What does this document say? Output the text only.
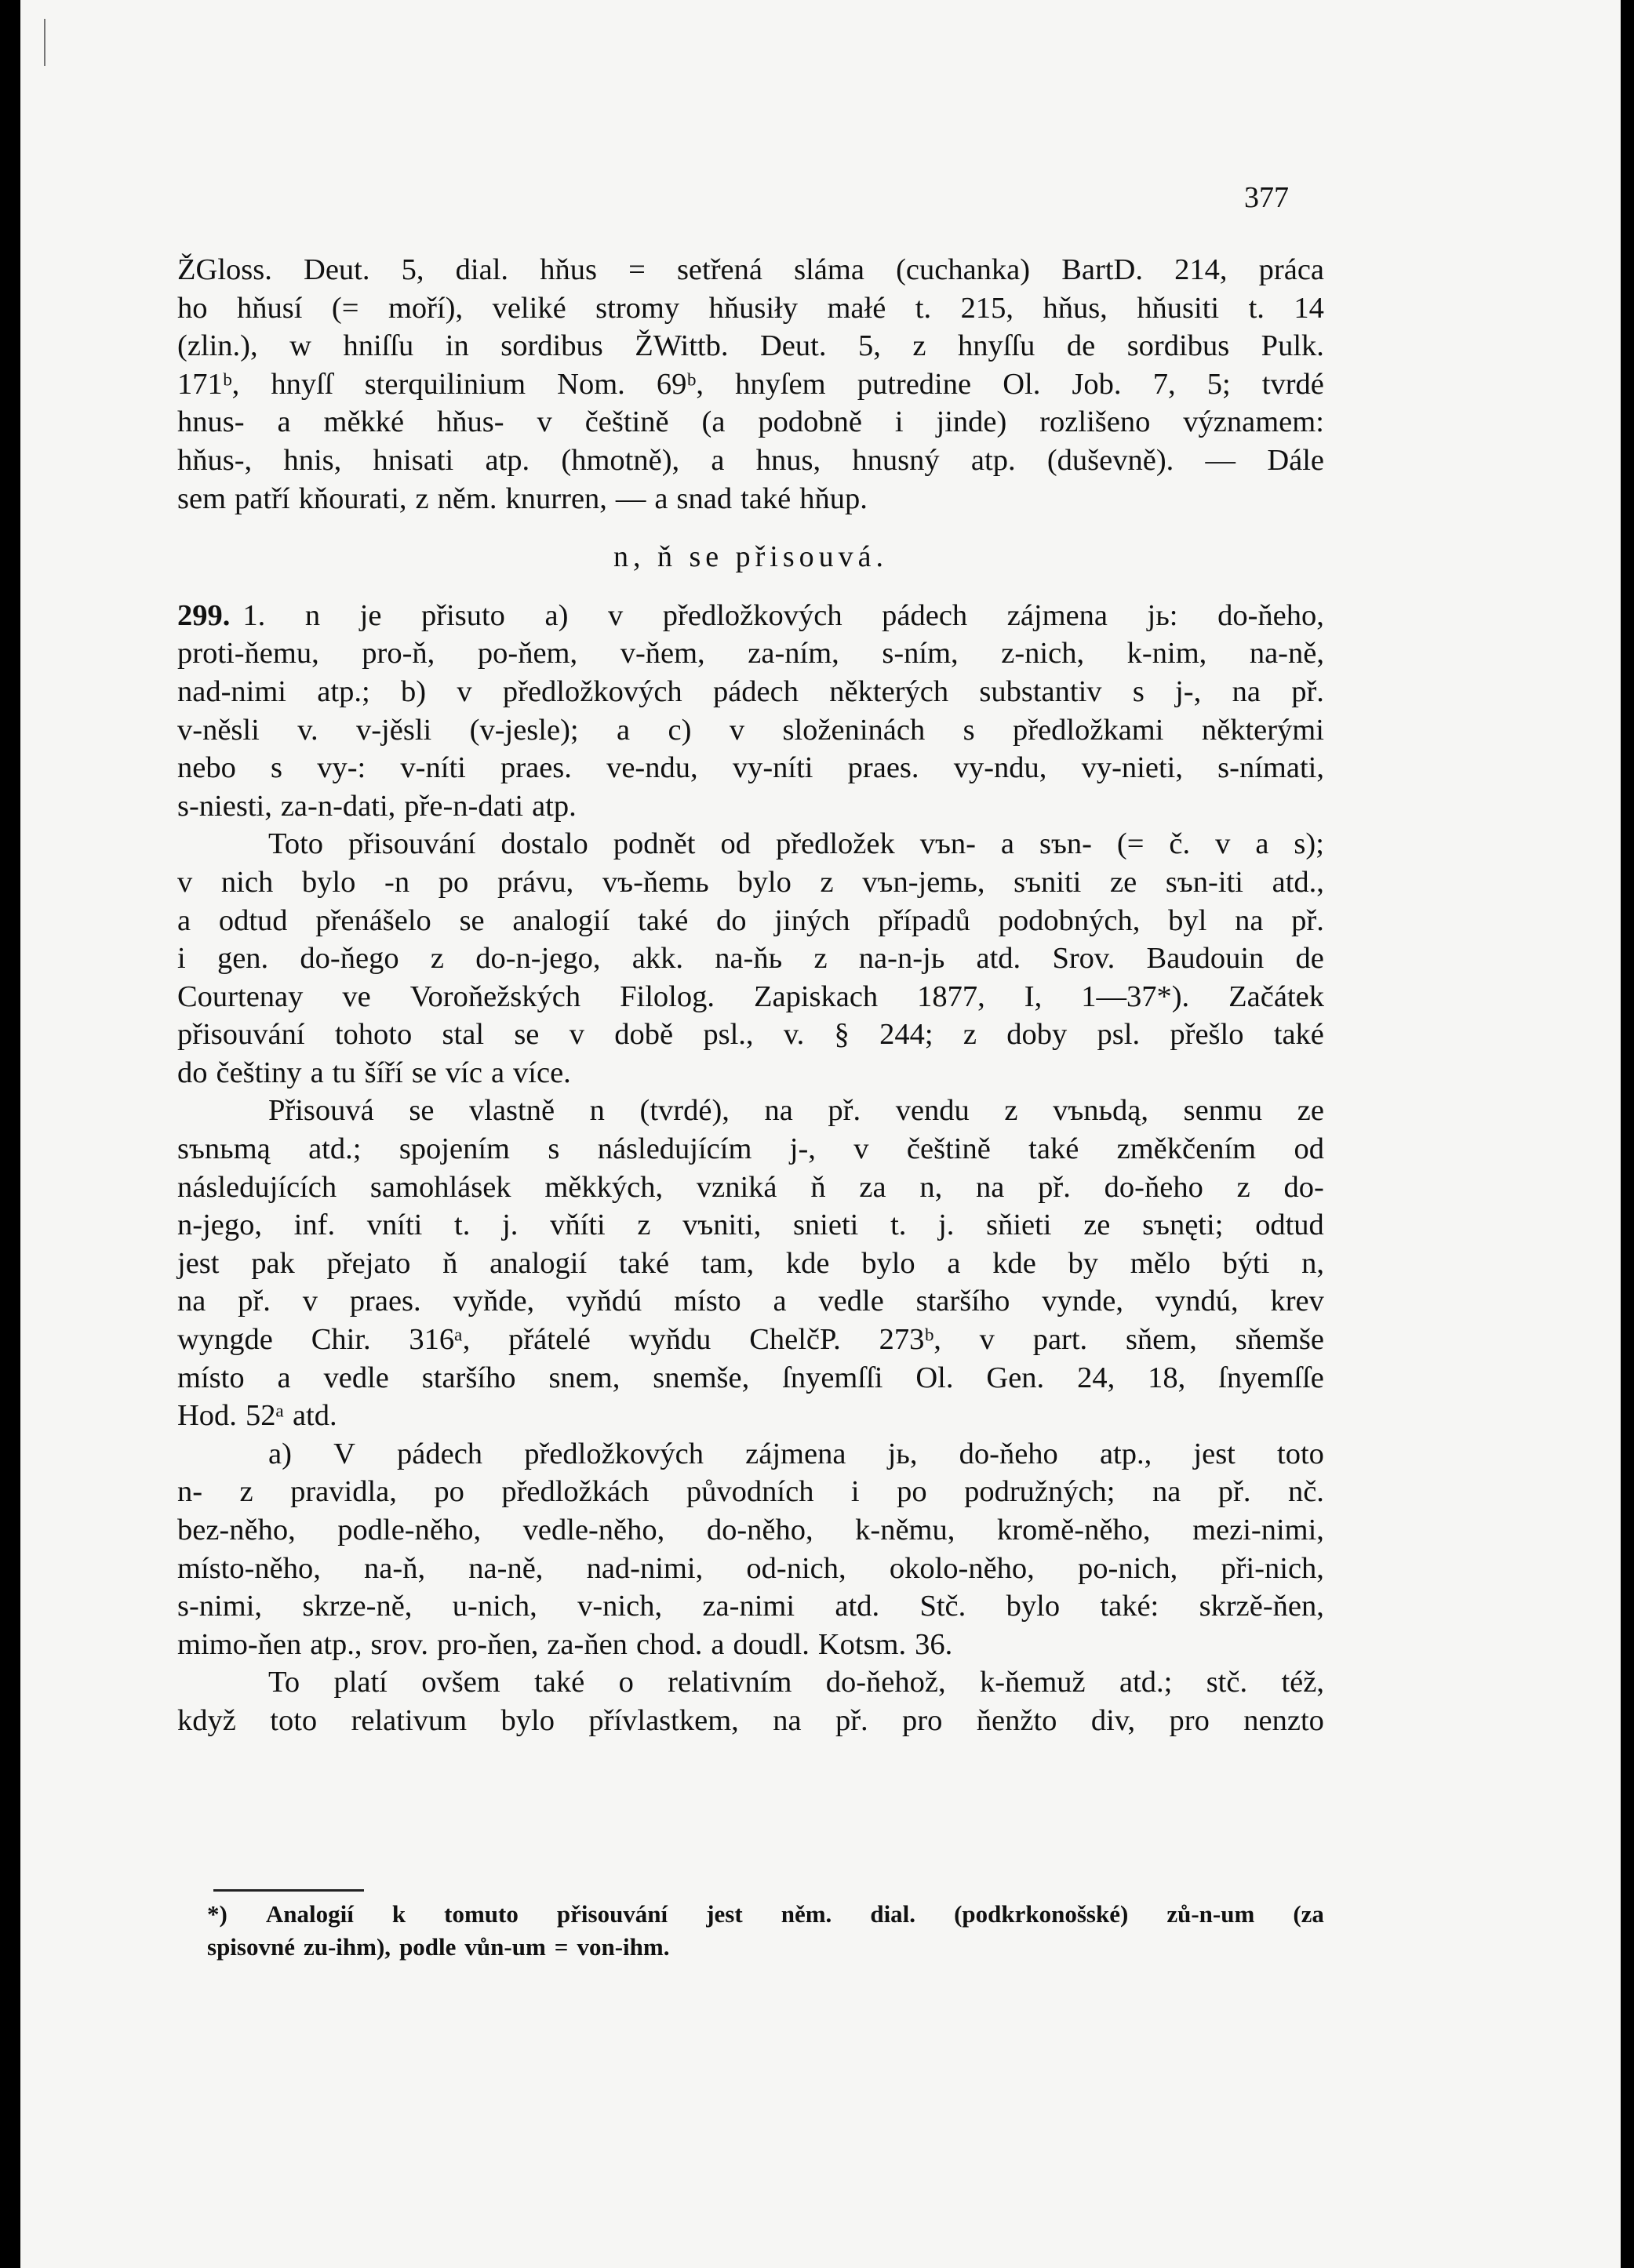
377
ŽGloss. Deut. 5, dial. hňus = setřená sláma (cuchanka) BartD. 214, práca
ho hňusí (= moří), veliké stromy hňusiły małé t. 215, hňus, hňusiti t. 14
(zlin.), w hniſſu in sordibus ŽWittb. Deut. 5, z hnyſſu de sordibus Pulk.
171ᵇ, hnyſſ sterquilinium Nom. 69ᵇ, hnyſem putredine Ol. Job. 7, 5; tvrdé
hnus- a měkké hňus- v češtině (a podobně i jinde) rozlišeno významem:
hňus-, hnis, hnisati atp. (hmotně), a hnus, hnusný atp. (duševně). — Dále
sem patří kňourati, z něm. knurren, — a snad také hňup.
n, ň se přisouvá.
299. 1. n je přisuto a) v předložkových pádech zájmena jь: do-ňeho,
proti-ňemu, pro-ň, po-ňem, v-ňem, za-ním, s-ním, z-nich, k-nim, na-ně,
nad-nimi atp.; b) v předložkových pádech některých substantiv s j-, na př.
v-něsli v. v-jěsli (v-jesle); a c) v složeninách s předložkami některými
nebo s vy-: v-níti praes. ve-ndu, vy-níti praes. vy-ndu, vy-nieti, s-nímati,
s-niesti, za-n-dati, pře-n-dati atp.
Toto přisouvání dostalo podnět od předložek vъn- a sъn- (= č. v a s);
v nich bylo -n po právu, vъ-ňemь bylo z vъn-jemь, sъniti ze sъn-iti atd.,
a odtud přenášelo se analogií také do jiných případů podobných, byl na př.
i gen. do-ňego z do-n-jego, akk. na-ňь z na-n-jь atd. Srov. Baudouin de
Courtenay ve Voroňežských Filolog. Zapiskach 1877, I, 1—37*). Začátek
přisouvání tohoto stal se v době psl., v. § 244; z doby psl. přešlo také
do češtiny a tu šíří se víc a více.
Přisouvá se vlastně n (tvrdé), na př. vendu z vъnьdą, senmu ze
sъnьmą atd.; spojením s následujícím j-, v češtině také změkčením od
následujících samohlásek měkkých, vzniká ň za n, na př. do-ňeho z do-
n-jego, inf. vníti t. j. vňíti z vъniti, snieti t. j. sňieti ze sъnęti; odtud
jest pak přejato ň analogií také tam, kde bylo a kde by mělo býti n,
na př. v praes. vyňde, vyňdú místo a vedle staršího vynde, vyndú, krev
wyngde Chir. 316ᵃ, přátelé wyňdu ChelčP. 273ᵇ, v part. sňem, sňemše
místo a vedle staršího snem, snemše, ſnyemſſi Ol. Gen. 24, 18, ſnyemſſe
Hod. 52ᵃ atd.
a) V pádech předložkových zájmena jь, do-ňeho atp., jest toto
n- z pravidla, po předložkách původních i po podružných; na př. nč.
bez-něho, podle-něho, vedle-něho, do-něho, k-němu, kromě-něho, mezi-nimi,
místo-něho, na-ň, na-ně, nad-nimi, od-nich, okolo-něho, po-nich, při-nich,
s-nimi, skrze-ně, u-nich, v-nich, za-nimi atd. Stč. bylo také: skrzě-ňen,
mimo-ňen atp., srov. pro-ňen, za-ňen chod. a doudl. Kotsm. 36.
To platí ovšem také o relativním do-ňehož, k-ňemuž atd.; stč. též,
když toto relativum bylo přívlastkem, na př. pro ňenžto div, pro nenzto
*) Analogií k tomuto přisouvání jest něm. dial. (podkrkonošské) zů-n-um (za
spisovné zu-ihm), podle vůn-um = von-ihm.
